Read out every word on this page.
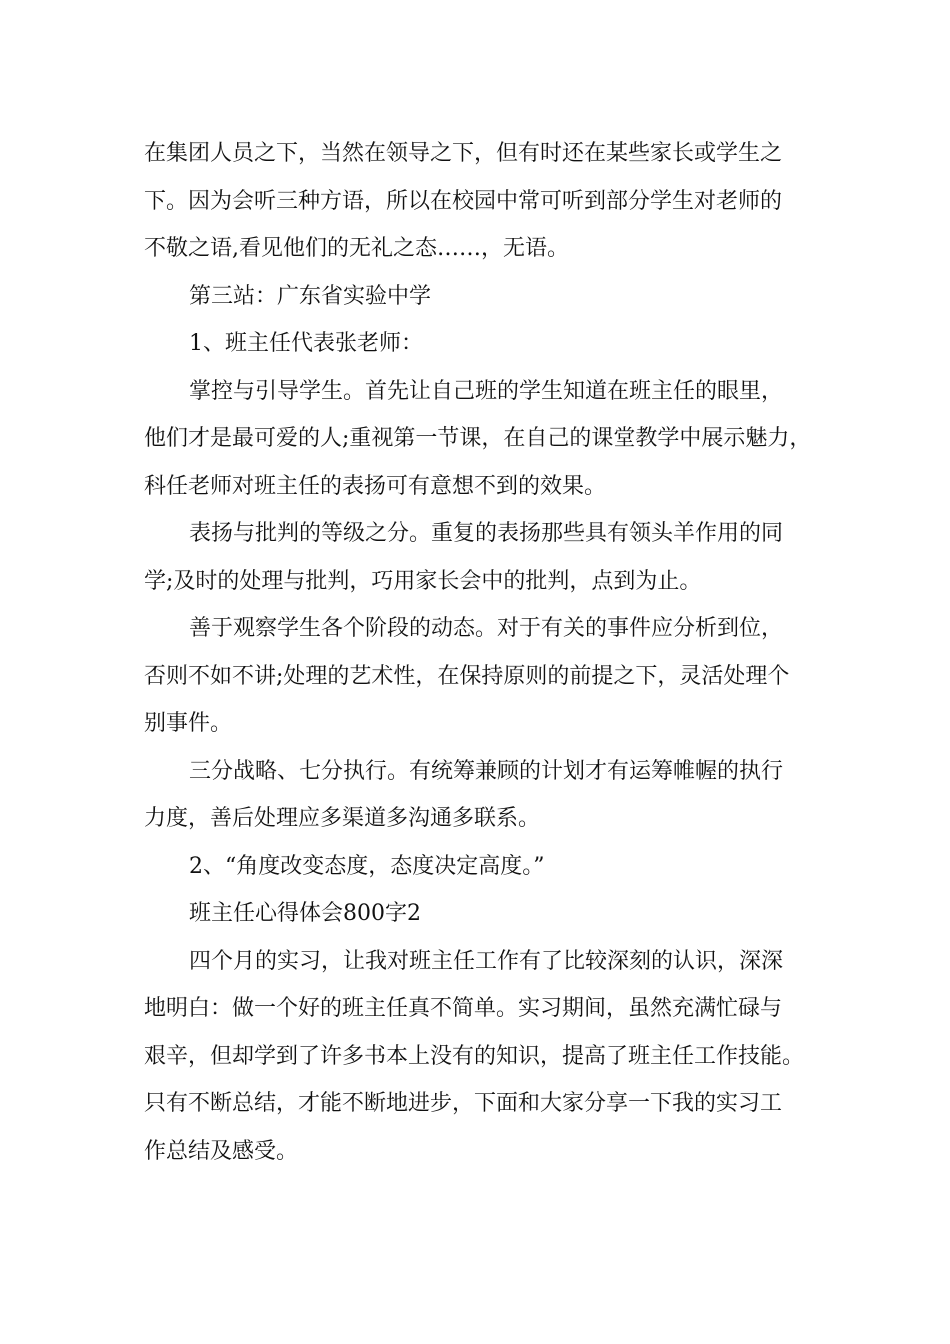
在集团人员之下，当然在领导之下，但有时还在某些家长或学生之
下。因为会听三种方语，所以在校园中常可听到部分学生对老师的
不敬之语,看见他们的无礼之态……，无语。
第三站：广东省实验中学
1、班主任代表张老师：
掌控与引导学生。首先让自己班的学生知道在班主任的眼里，
他们才是最可爱的人;重视第一节课，在自己的课堂教学中展示魅力，
科任老师对班主任的表扬可有意想不到的效果。
表扬与批判的等级之分。重复的表扬那些具有领头羊作用的同
学;及时的处理与批判，巧用家长会中的批判，点到为止。
善于观察学生各个阶段的动态。对于有关的事件应分析到位，
否则不如不讲;处理的艺术性，在保持原则的前提之下，灵活处理个
别事件。
三分战略、七分执行。有统筹兼顾的计划才有运筹帷幄的执行
力度，善后处理应多渠道多沟通多联系。
2、“角度改变态度，态度决定高度。”
班主任心得体会800字2
四个月的实习，让我对班主任工作有了比较深刻的认识，深深
地明白：做一个好的班主任真不简单。实习期间，虽然充满忙碌与
艰辛，但却学到了许多书本上没有的知识，提高了班主任工作技能。
只有不断总结，才能不断地进步，下面和大家分享一下我的实习工
作总结及感受。
